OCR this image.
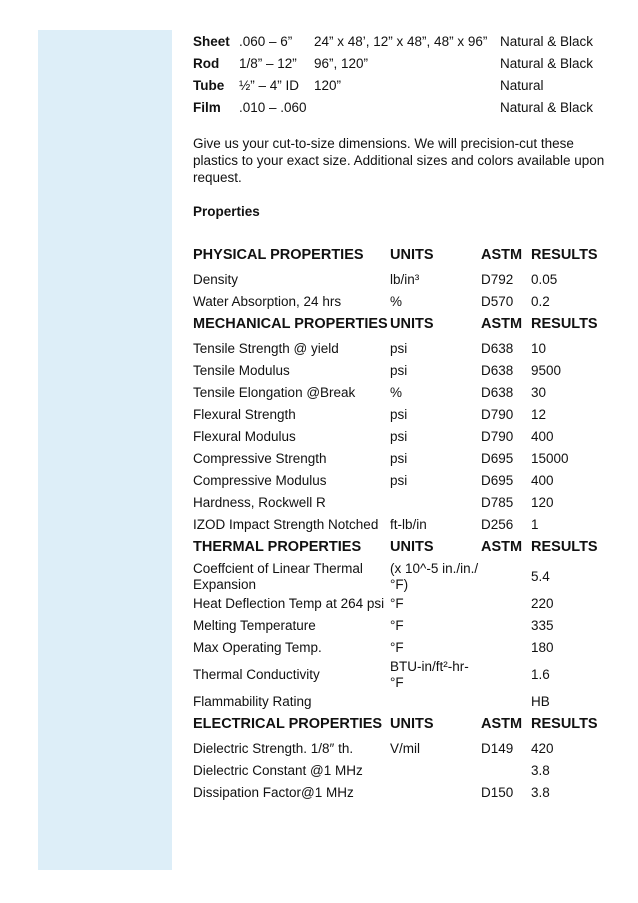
Sheet	.060 – 6”	24” x 48’, 12” x 48”, 48” x 96”	Natural & Black
Rod	1/8” – 12”	96”, 120”	Natural & Black
Tube	½” – 4” ID	120”	Natural
Film	.010 – .060		Natural & Black

Give us your cut-to-size dimensions. We will precision-cut these plastics to your exact size. Additional sizes and colors available upon request.

Properties
PHYSICAL PROPERTIES	UNITS	ASTM	RESULTS
Density	lb/in³	D792	0.05
Water Absorption, 24 hrs	%	D570	0.2
MECHANICAL PROPERTIES	UNITS	ASTM	RESULTS
Tensile Strength @ yield	psi	D638	10
Tensile Modulus	psi	D638	9500
Tensile Elongation @Break	%	D638	30
Flexural Strength	psi	D790	12
Flexural Modulus	psi	D790	400
Compressive Strength	psi	D695	15000
Compressive Modulus	psi	D695	400
Hardness, Rockwell R		D785	120
IZOD Impact Strength Notched	ft-lb/in	D256	1
THERMAL PROPERTIES	UNITS	ASTM	RESULTS
Coeffcient of Linear Thermal Expansion	(x 10^-5 in./in./°F)		5.4
Heat Deflection Temp at 264 psi	°F		220
Melting Temperature	°F		335
Max Operating Temp.	°F		180
Thermal Conductivity	BTU-in/ft²-hr-°F		1.6
Flammability Rating			HB
ELECTRICAL PROPERTIES	UNITS	ASTM	RESULTS
Dielectric Strength. 1/8″ th.	V/mil	D149	420
Dielectric Constant @1 MHz			3.8
Dissipation Factor@1 MHz		D150	3.8
